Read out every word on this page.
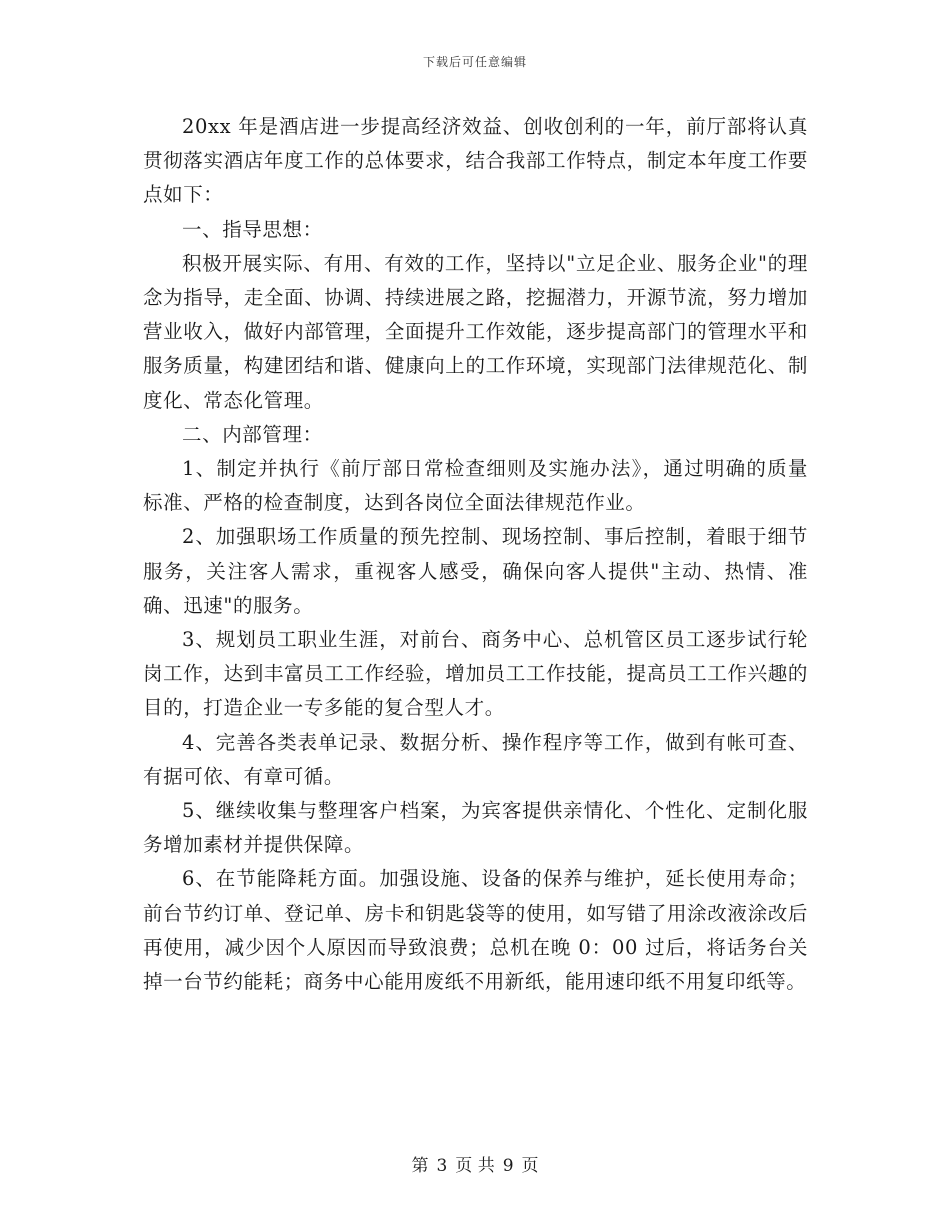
下载后可任意编辑

20xx 年是酒店进一步提高经济效益、创收创利的一年，前厅部将认真贯彻落实酒店年度工作的总体要求，结合我部工作特点，制定本年度工作要点如下：

一、指导思想：

积极开展实际、有用、有效的工作，坚持以"立足企业、服务企业"的理念为指导，走全面、协调、持续进展之路，挖掘潜力，开源节流，努力增加营业收入，做好内部管理，全面提升工作效能，逐步提高部门的管理水平和服务质量，构建团结和谐、健康向上的工作环境，实现部门法律规范化、制度化、常态化管理。

二、内部管理：

1、制定并执行《前厅部日常检查细则及实施办法》，通过明确的质量标准、严格的检查制度，达到各岗位全面法律规范作业。

2、加强职场工作质量的预先控制、现场控制、事后控制，着眼于细节服务，关注客人需求，重视客人感受，确保向客人提供"主动、热情、准确、迅速"的服务。

3、规划员工职业生涯，对前台、商务中心、总机管区员工逐步试行轮岗工作，达到丰富员工工作经验，增加员工工作技能，提高员工工作兴趣的目的，打造企业一专多能的复合型人才。

4、完善各类表单记录、数据分析、操作程序等工作，做到有帐可查、有据可依、有章可循。

5、继续收集与整理客户档案，为宾客提供亲情化、个性化、定制化服务增加素材并提供保障。

6、在节能降耗方面。加强设施、设备的保养与维护，延长使用寿命；前台节约订单、登记单、房卡和钥匙袋等的使用，如写错了用涂改液涂改后再使用，减少因个人原因而导致浪费；总机在晚 0：00 过后，将话务台关掉一台节约能耗；商务中心能用废纸不用新纸，能用速印纸不用复印纸等。

第 3 页 共 9 页
